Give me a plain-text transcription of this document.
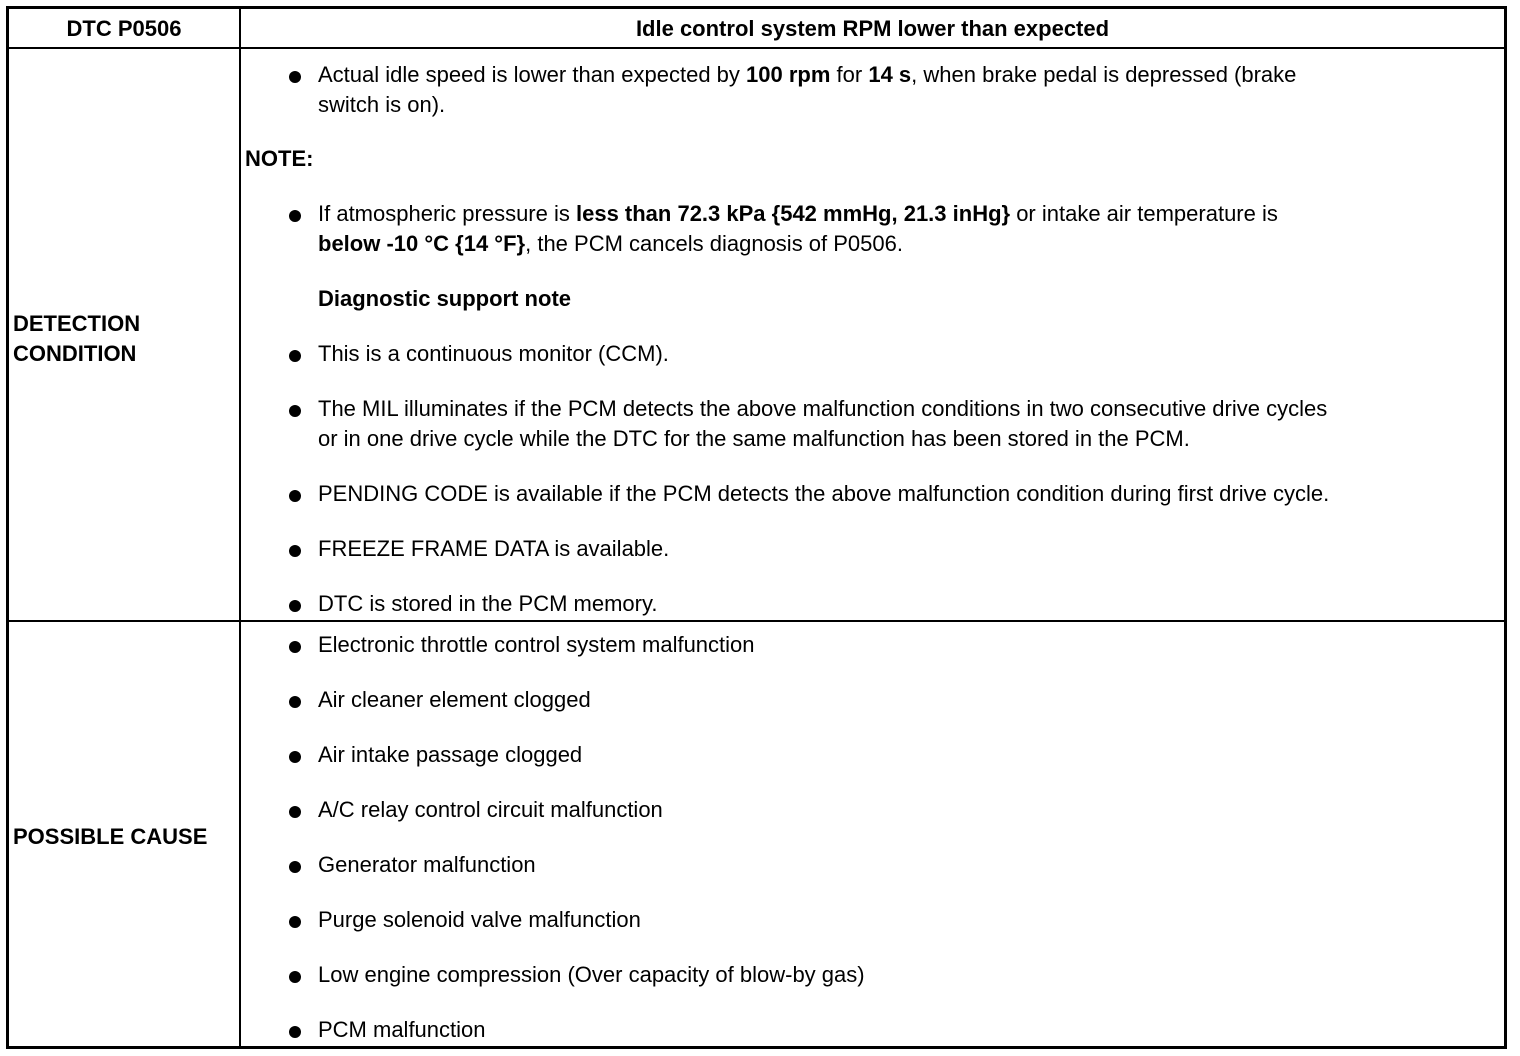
DTC P0506	Idle control system RPM lower than expected
DETECTION
CONDITION
Actual idle speed is lower than expected by 100 rpm for 14 s, when brake pedal is depressed (brake
switch is on).
NOTE:
If atmospheric pressure is less than 72.3 kPa {542 mmHg, 21.3 inHg} or intake air temperature is
below -10 °C {14 °F}, the PCM cancels diagnosis of P0506.
Diagnostic support note
This is a continuous monitor (CCM).
The MIL illuminates if the PCM detects the above malfunction conditions in two consecutive drive cycles
or in one drive cycle while the DTC for the same malfunction has been stored in the PCM.
PENDING CODE is available if the PCM detects the above malfunction condition during first drive cycle.
FREEZE FRAME DATA is available.
DTC is stored in the PCM memory.
POSSIBLE CAUSE
Electronic throttle control system malfunction
Air cleaner element clogged
Air intake passage clogged
A/C relay control circuit malfunction
Generator malfunction
Purge solenoid valve malfunction
Low engine compression (Over capacity of blow-by gas)
PCM malfunction
